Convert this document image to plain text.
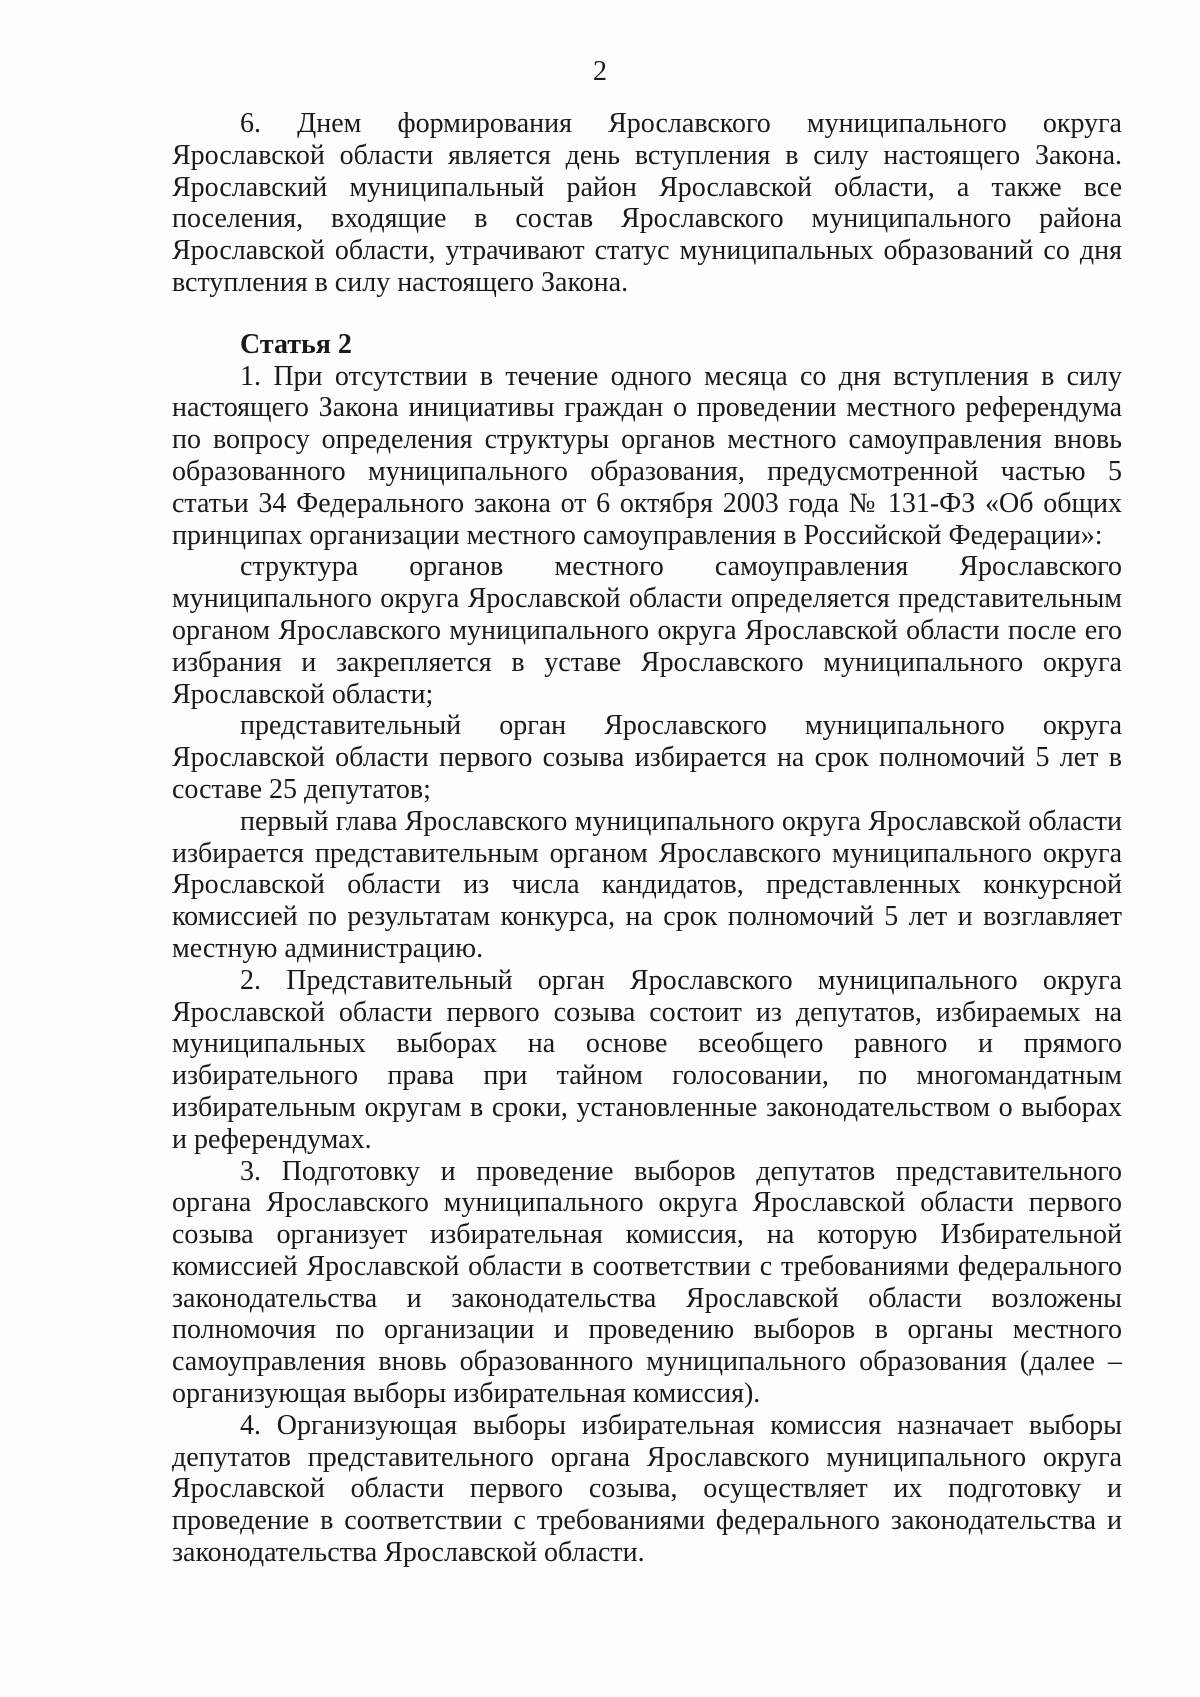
2

6. Днем формирования Ярославского муниципального округа Ярославской области является день вступления в силу настоящего Закона. Ярославский муниципальный район Ярославской области, а также все поселения, входящие в состав Ярославского муниципального района Ярославской области, утрачивают статус муниципальных образований со дня вступления в силу настоящего Закона.

Статья 2

1. При отсутствии в течение одного месяца со дня вступления в силу настоящего Закона инициативы граждан о проведении местного референдума по вопросу определения структуры органов местного самоуправления вновь образованного муниципального образования, предусмотренной частью 5 статьи 34 Федерального закона от 6 октября 2003 года № 131-ФЗ «Об общих принципах организации местного самоуправления в Российской Федерации»:

структура органов местного самоуправления Ярославского муниципального округа Ярославской области определяется представительным органом Ярославского муниципального округа Ярославской области после его избрания и закрепляется в уставе Ярославского муниципального округа Ярославской области;

представительный орган Ярославского муниципального округа Ярославской области первого созыва избирается на срок полномочий 5 лет в составе 25 депутатов;

первый глава Ярославского муниципального округа Ярославской области избирается представительным органом Ярославского муниципального округа Ярославской области из числа кандидатов, представленных конкурсной комиссией по результатам конкурса, на срок полномочий 5 лет и возглавляет местную администрацию.

2. Представительный орган Ярославского муниципального округа Ярославской области первого созыва состоит из депутатов, избираемых на муниципальных выборах на основе всеобщего равного и прямого избирательного права при тайном голосовании, по многомандатным избирательным округам в сроки, установленные законодательством о выборах и референдумах.

3. Подготовку и проведение выборов депутатов представительного органа Ярославского муниципального округа Ярославской области первого созыва организует избирательная комиссия, на которую Избирательной комиссией Ярославской области в соответствии с требованиями федерального законодательства и законодательства Ярославской области возложены полномочия по организации и проведению выборов в органы местного самоуправления вновь образованного муниципального образования (далее – организующая выборы избирательная комиссия).

4. Организующая выборы избирательная комиссия назначает выборы депутатов представительного органа Ярославского муниципального округа Ярославской области первого созыва, осуществляет их подготовку и проведение в соответствии с требованиями федерального законодательства и законодательства Ярославской области.
